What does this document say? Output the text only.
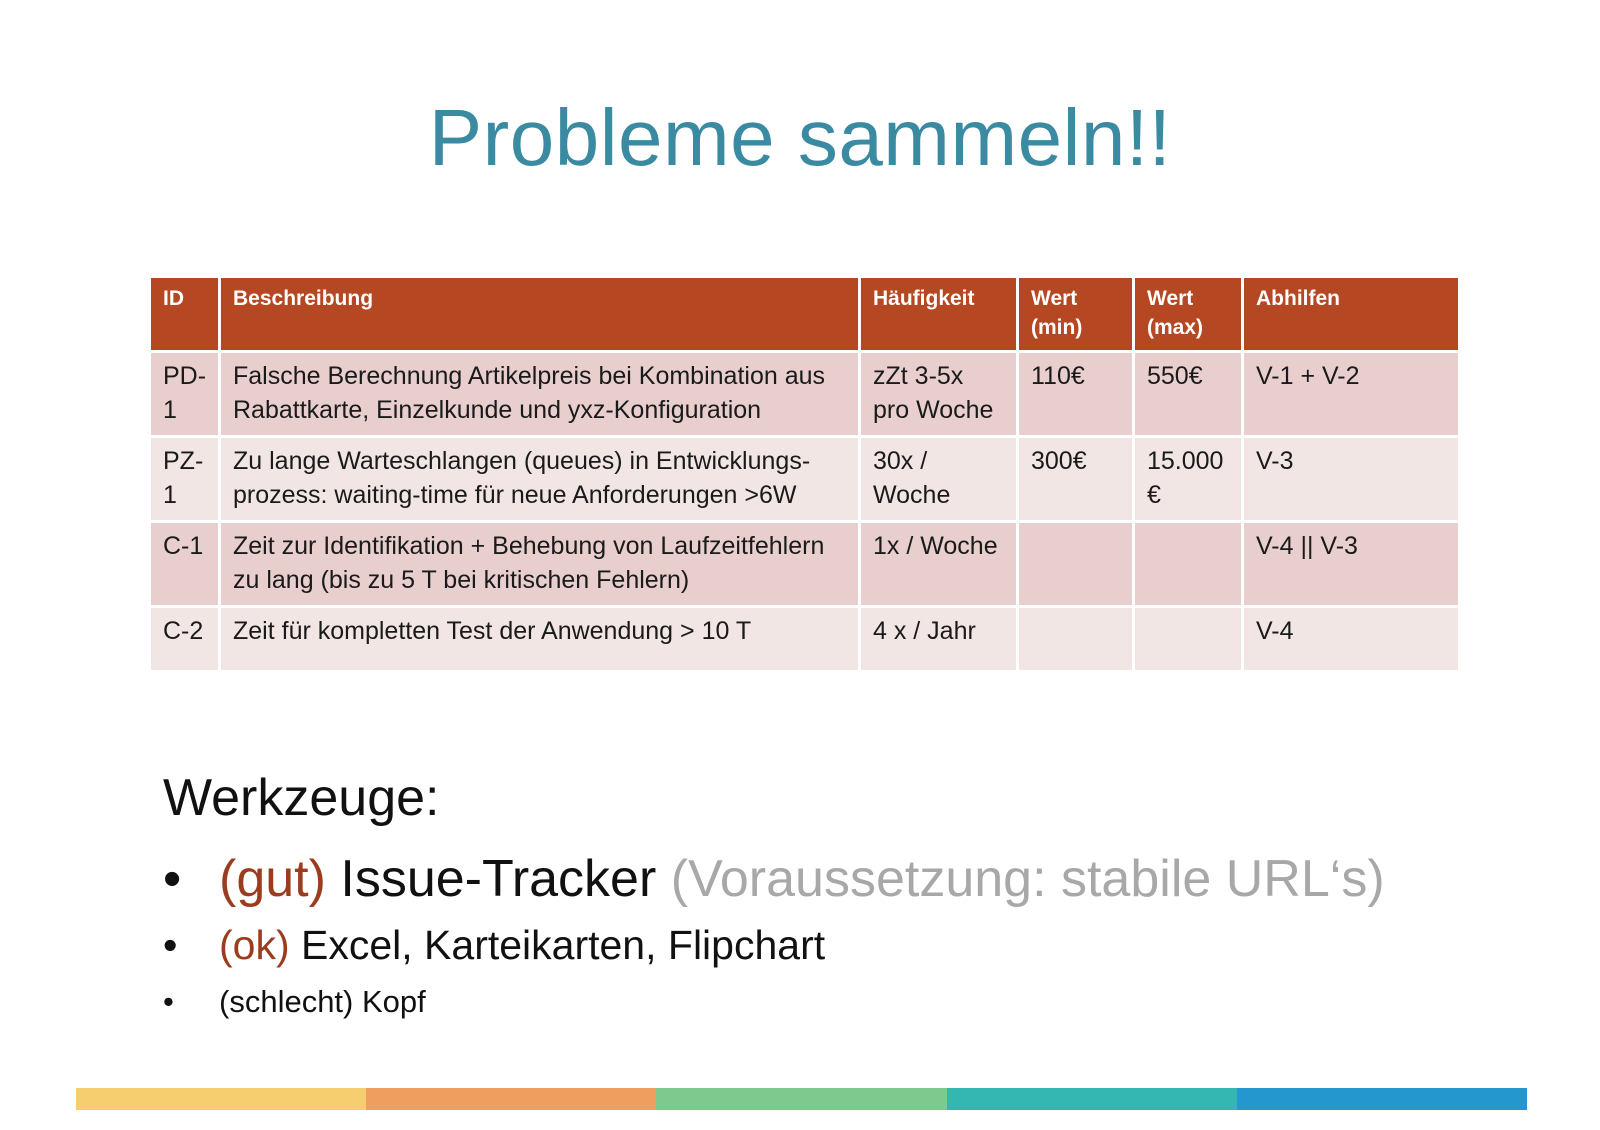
Probleme sammeln!!
ID	Beschreibung	Häufigkeit	Wert (min)	Wert (max)	Abhilfen
PD-1	Falsche Berechnung Artikelpreis bei Kombination aus Rabattkarte, Einzelkunde und yxz-Konfiguration	zZt 3-5x pro Woche	110€	550€	V-1 + V-2
PZ-1	Zu lange Warteschlangen (queues) in Entwicklungs-prozess: waiting-time für neue Anforderungen >6W	30x / Woche	300€	15.000 €	V-3
C-1	Zeit zur Identifikation + Behebung von Laufzeitfehlern zu lang (bis zu 5 T bei kritischen Fehlern)	1x / Woche			V-4 || V-3
C-2	Zeit für kompletten Test der Anwendung > 10 T	4 x / Jahr			V-4
Werkzeuge:
• (gut) Issue-Tracker (Voraussetzung: stabile URL‘s)
• (ok) Excel, Karteikarten, Flipchart
• (schlecht) Kopf
